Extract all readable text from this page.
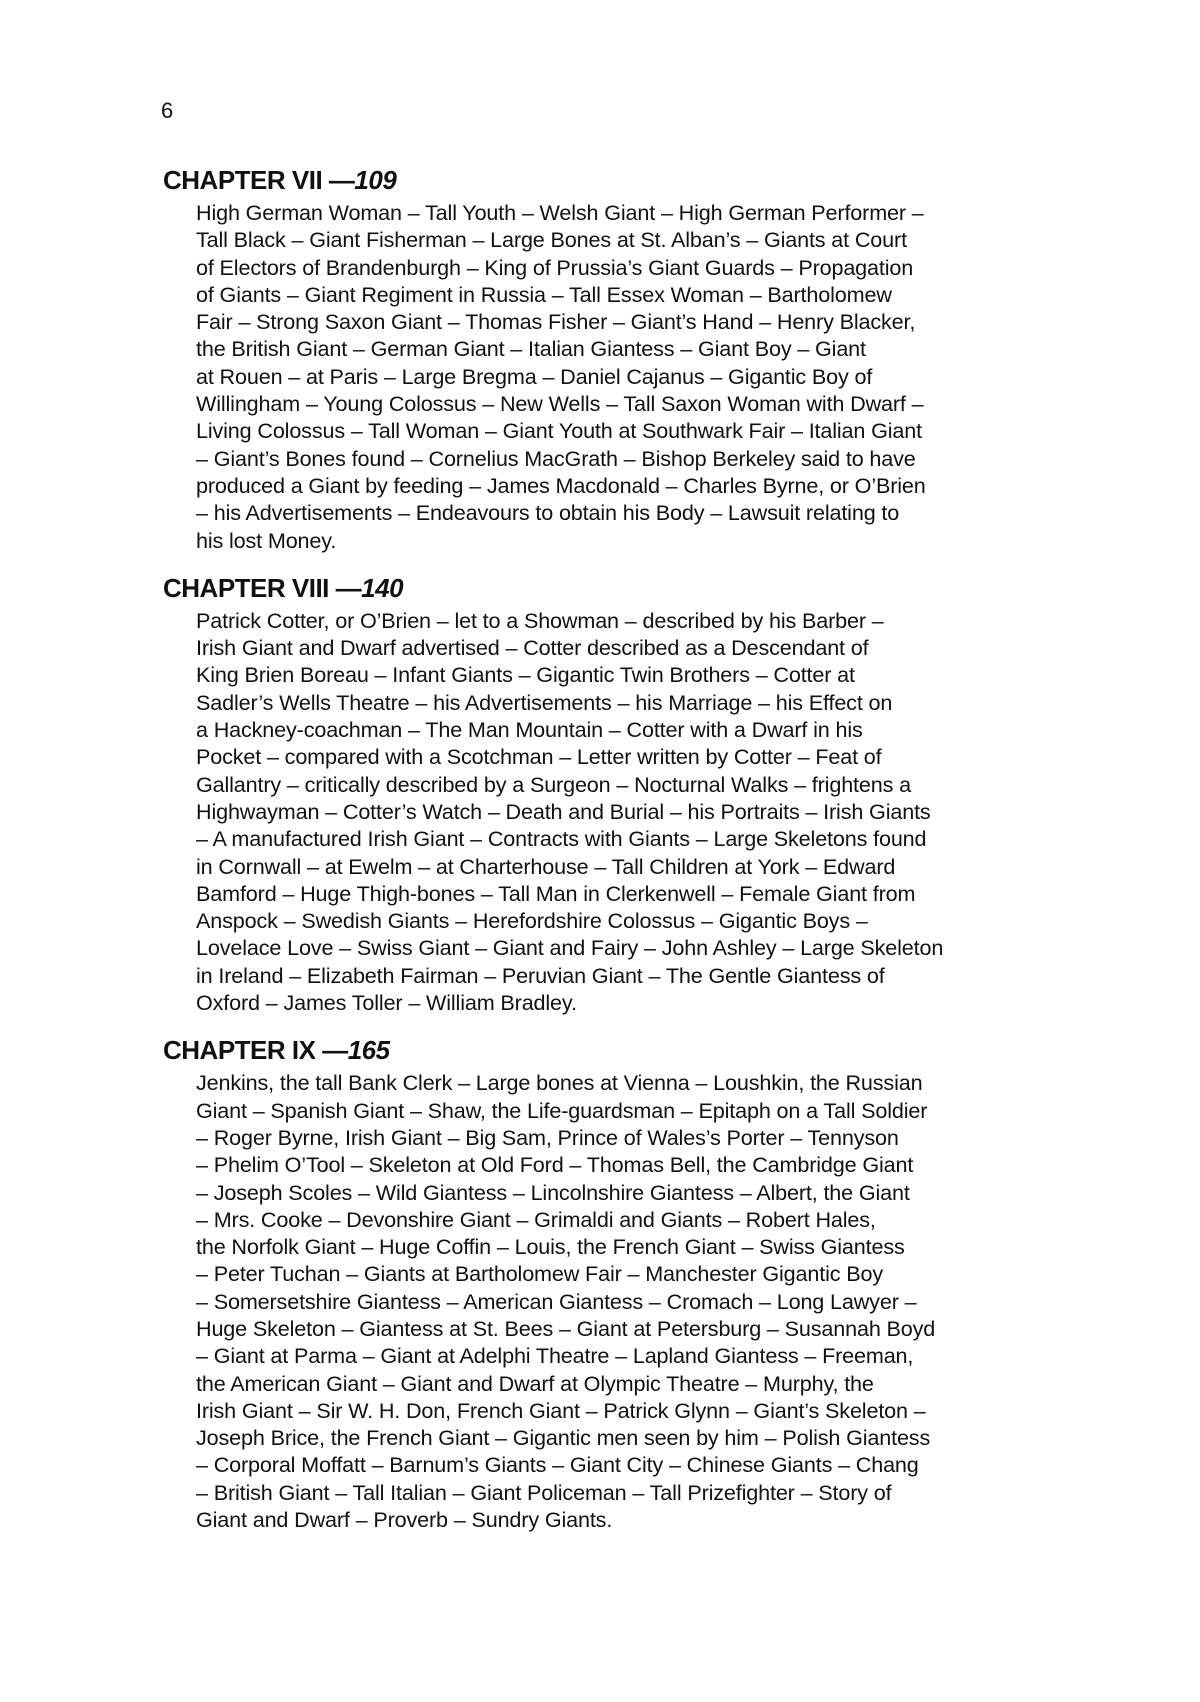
6
CHAPTER VII —109
High German Woman – Tall Youth – Welsh Giant – High German Performer –
Tall Black – Giant Fisherman – Large Bones at St. Alban’s – Giants at Court
of Electors of Brandenburgh – King of Prussia’s Giant Guards – Propagation
of Giants – Giant Regiment in Russia – Tall Essex Woman – Bartholomew
Fair – Strong Saxon Giant – Thomas Fisher – Giant’s Hand – Henry Blacker,
the British Giant – German Giant – Italian Giantess – Giant Boy – Giant
at Rouen – at Paris – Large Bregma – Daniel Cajanus – Gigantic Boy of
Willingham – Young Colossus – New Wells – Tall Saxon Woman with Dwarf –
Living Colossus – Tall Woman – Giant Youth at Southwark Fair – Italian Giant
– Giant’s Bones found – Cornelius MacGrath – Bishop Berkeley said to have
produced a Giant by feeding – James Macdonald – Charles Byrne, or O’Brien
– his Advertisements – Endeavours to obtain his Body – Lawsuit relating to
his lost Money.
CHAPTER VIII —140
Patrick Cotter, or O’Brien – let to a Showman – described by his Barber –
Irish Giant and Dwarf advertised – Cotter described as a Descendant of
King Brien Boreau – Infant Giants – Gigantic Twin Brothers – Cotter at
Sadler’s Wells Theatre – his Advertisements – his Marriage – his Effect on
a Hackney-coachman – The Man Mountain – Cotter with a Dwarf in his
Pocket – compared with a Scotchman – Letter written by Cotter – Feat of
Gallantry – critically described by a Surgeon – Nocturnal Walks – frightens a
Highwayman – Cotter’s Watch – Death and Burial – his Portraits – Irish Giants
– A manufactured Irish Giant – Contracts with Giants – Large Skeletons found
in Cornwall – at Ewelm – at Charterhouse – Tall Children at York – Edward
Bamford – Huge Thigh-bones – Tall Man in Clerkenwell – Female Giant from
Anspock – Swedish Giants – Herefordshire Colossus – Gigantic Boys –
Lovelace Love – Swiss Giant – Giant and Fairy – John Ashley – Large Skeleton
in Ireland – Elizabeth Fairman – Peruvian Giant – The Gentle Giantess of
Oxford – James Toller – William Bradley.
CHAPTER IX —165
Jenkins, the tall Bank Clerk – Large bones at Vienna – Loushkin, the Russian
Giant – Spanish Giant – Shaw, the Life-guardsman – Epitaph on a Tall Soldier
– Roger Byrne, Irish Giant – Big Sam, Prince of Wales’s Porter – Tennyson
– Phelim O’Tool – Skeleton at Old Ford – Thomas Bell, the Cambridge Giant
– Joseph Scoles – Wild Giantess – Lincolnshire Giantess – Albert, the Giant
– Mrs. Cooke – Devonshire Giant – Grimaldi and Giants – Robert Hales,
the Norfolk Giant – Huge Coffin – Louis, the French Giant – Swiss Giantess
– Peter Tuchan – Giants at Bartholomew Fair – Manchester Gigantic Boy
– Somersetshire Giantess – American Giantess – Cromach – Long Lawyer –
Huge Skeleton – Giantess at St. Bees – Giant at Petersburg – Susannah Boyd
– Giant at Parma – Giant at Adelphi Theatre – Lapland Giantess – Freeman,
the American Giant – Giant and Dwarf at Olympic Theatre – Murphy, the
Irish Giant – Sir W. H. Don, French Giant – Patrick Glynn – Giant’s Skeleton –
Joseph Brice, the French Giant – Gigantic men seen by him – Polish Giantess
– Corporal Moffatt – Barnum’s Giants – Giant City – Chinese Giants – Chang
– British Giant – Tall Italian – Giant Policeman – Tall Prizefighter – Story of
Giant and Dwarf – Proverb – Sundry Giants.
